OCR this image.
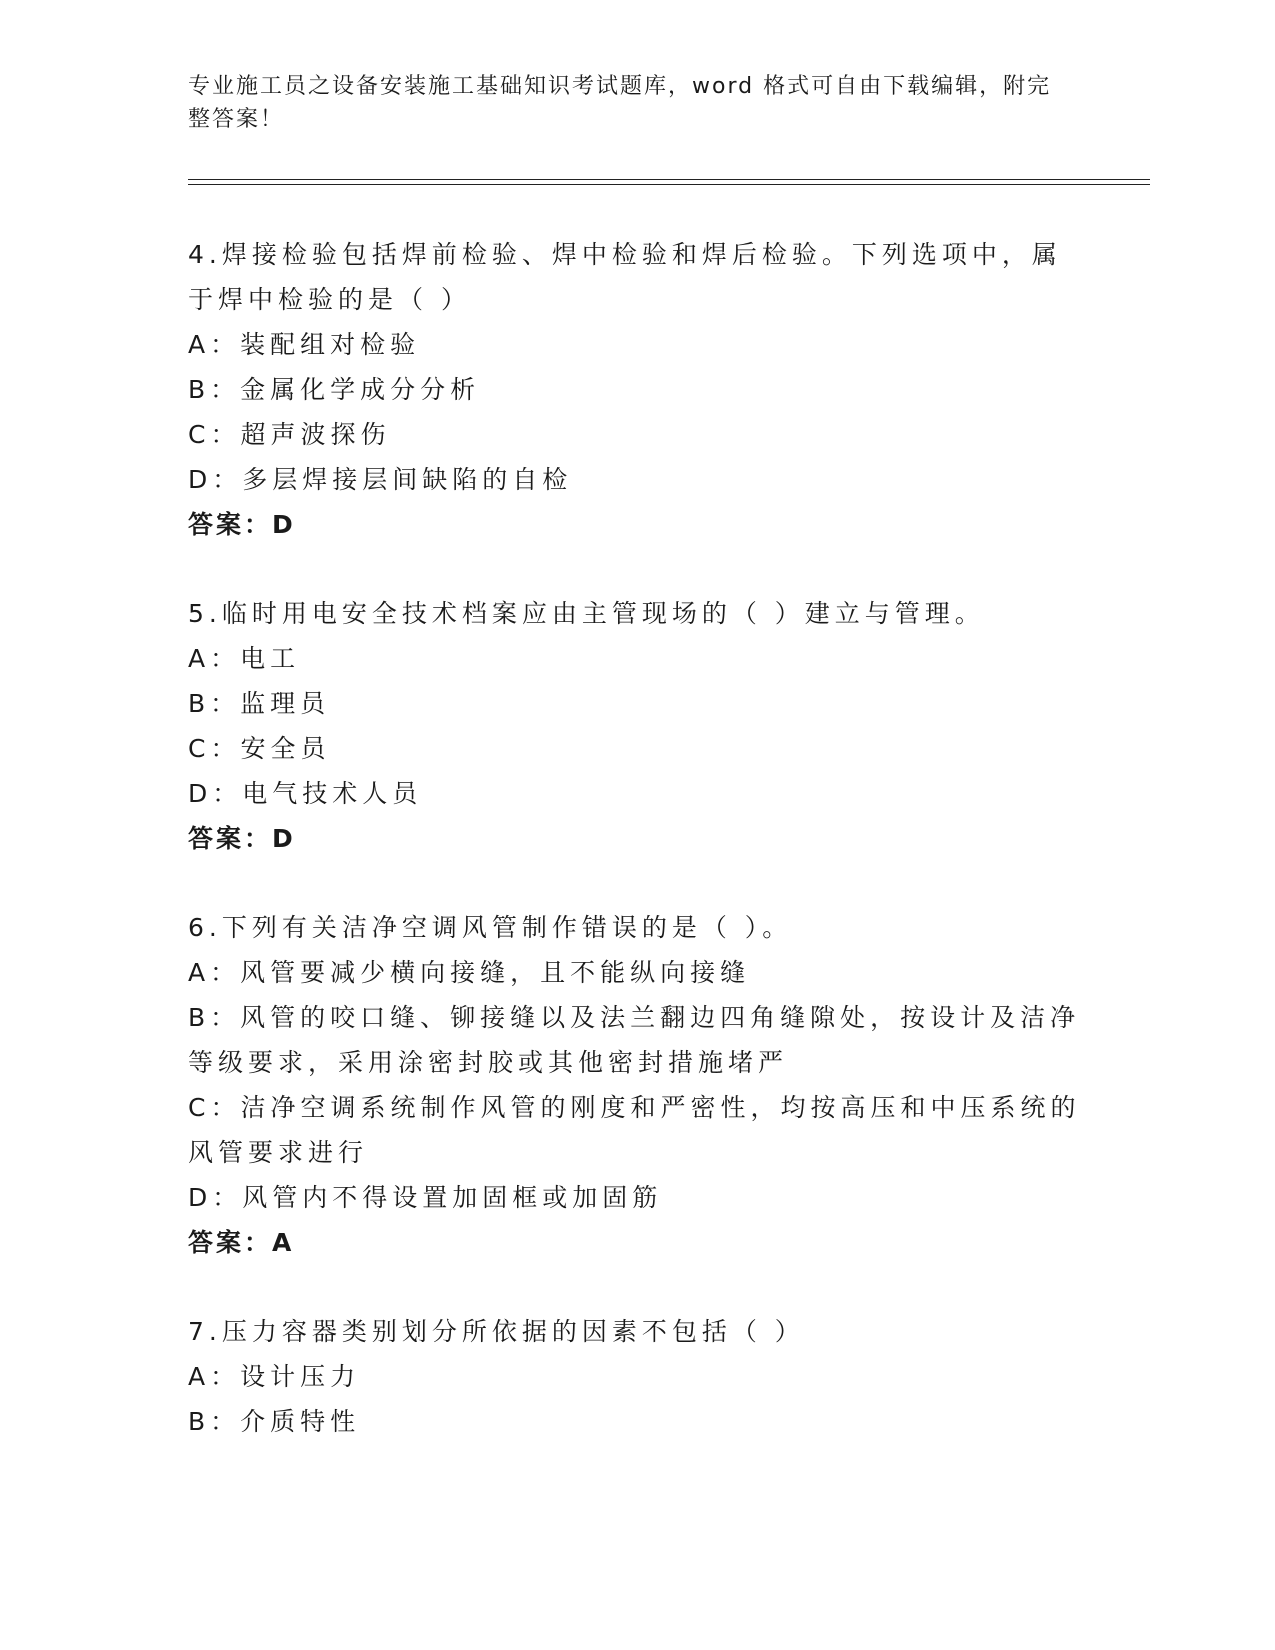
专业施工员之设备安装施工基础知识考试题库，word 格式可自由下载编辑，附完整答案！

4.焊接检验包括焊前检验、焊中检验和焊后检验。下列选项中，属于焊中检验的是（ ）

A：装配组对检验

B：金属化学成分分析

C：超声波探伤

D：多层焊接层间缺陷的自检

答案：D

5.临时用电安全技术档案应由主管现场的（ ）建立与管理。

A：电工

B：监理员

C：安全员

D：电气技术人员

答案：D

6.下列有关洁净空调风管制作错误的是（ ）。

A：风管要减少横向接缝，且不能纵向接缝

B：风管的咬口缝、铆接缝以及法兰翻边四角缝隙处，按设计及洁净等级要求，采用涂密封胶或其他密封措施堵严

C：洁净空调系统制作风管的刚度和严密性，均按高压和中压系统的风管要求进行

D：风管内不得设置加固框或加固筋

答案：A

7.压力容器类别划分所依据的因素不包括（ ）

A：设计压力

B：介质特性
